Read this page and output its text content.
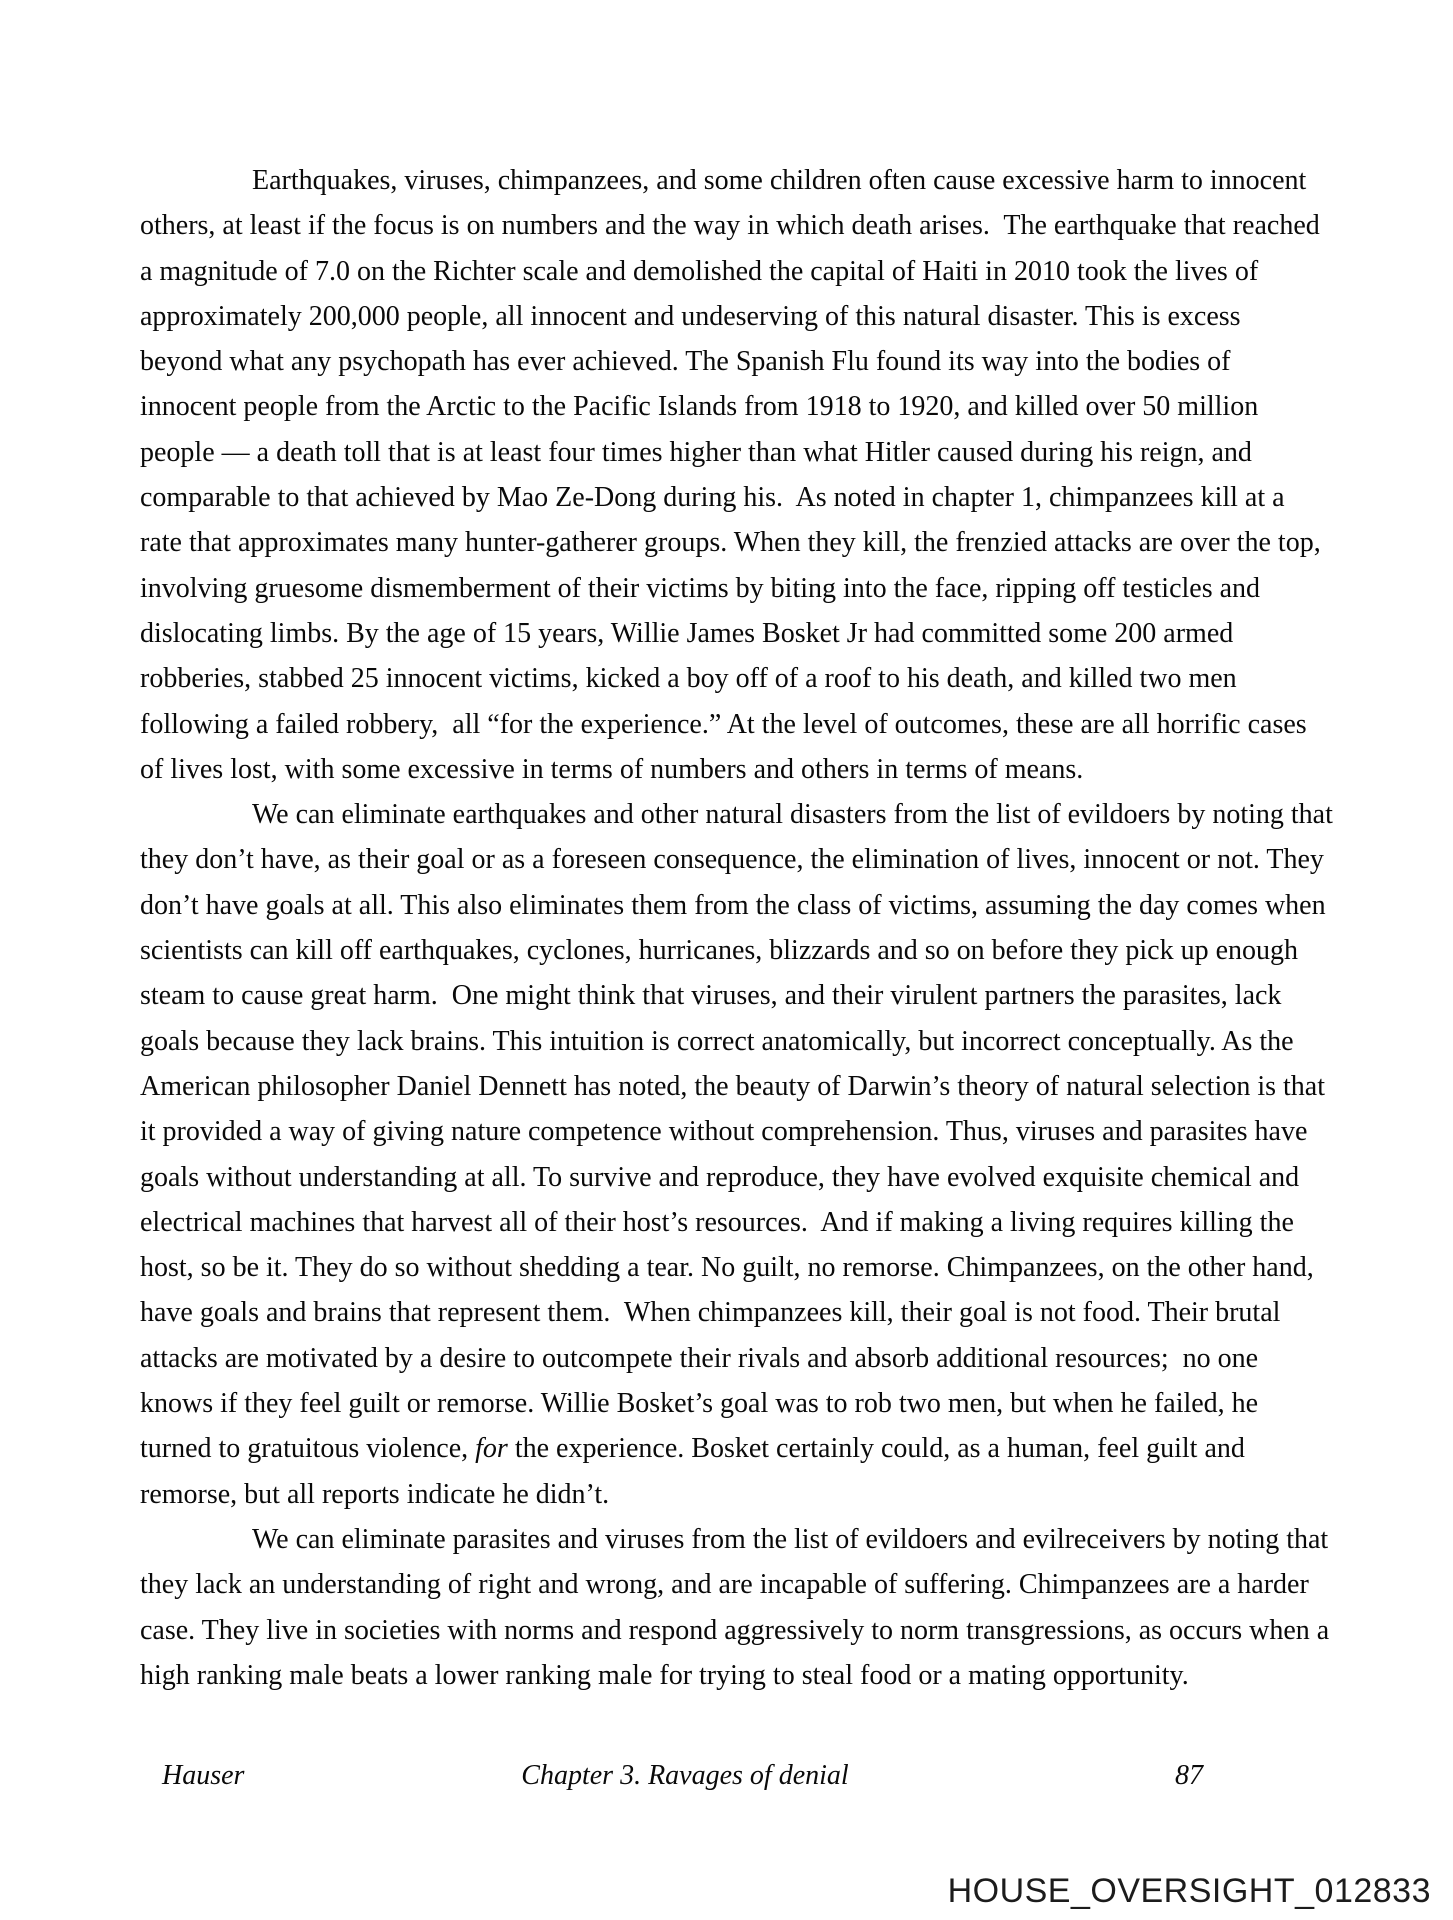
Earthquakes, viruses, chimpanzees, and some children often cause excessive harm to innocent
others, at least if the focus is on numbers and the way in which death arises.  The earthquake that reached
a magnitude of 7.0 on the Richter scale and demolished the capital of Haiti in 2010 took the lives of
approximately 200,000 people, all innocent and undeserving of this natural disaster. This is excess
beyond what any psychopath has ever achieved. The Spanish Flu found its way into the bodies of
innocent people from the Arctic to the Pacific Islands from 1918 to 1920, and killed over 50 million
people — a death toll that is at least four times higher than what Hitler caused during his reign, and
comparable to that achieved by Mao Ze-Dong during his.  As noted in chapter 1, chimpanzees kill at a
rate that approximates many hunter-gatherer groups. When they kill, the frenzied attacks are over the top,
involving gruesome dismemberment of their victims by biting into the face, ripping off testicles and
dislocating limbs. By the age of 15 years, Willie James Bosket Jr had committed some 200 armed
robberies, stabbed 25 innocent victims, kicked a boy off of a roof to his death, and killed two men
following a failed robbery,  all “for the experience.” At the level of outcomes, these are all horrific cases
of lives lost, with some excessive in terms of numbers and others in terms of means.
We can eliminate earthquakes and other natural disasters from the list of evildoers by noting that
they don’t have, as their goal or as a foreseen consequence, the elimination of lives, innocent or not. They
don’t have goals at all. This also eliminates them from the class of victims, assuming the day comes when
scientists can kill off earthquakes, cyclones, hurricanes, blizzards and so on before they pick up enough
steam to cause great harm.  One might think that viruses, and their virulent partners the parasites, lack
goals because they lack brains. This intuition is correct anatomically, but incorrect conceptually. As the
American philosopher Daniel Dennett has noted, the beauty of Darwin’s theory of natural selection is that
it provided a way of giving nature competence without comprehension. Thus, viruses and parasites have
goals without understanding at all. To survive and reproduce, they have evolved exquisite chemical and
electrical machines that harvest all of their host’s resources.  And if making a living requires killing the
host, so be it. They do so without shedding a tear. No guilt, no remorse. Chimpanzees, on the other hand,
have goals and brains that represent them.  When chimpanzees kill, their goal is not food. Their brutal
attacks are motivated by a desire to outcompete their rivals and absorb additional resources;  no one
knows if they feel guilt or remorse. Willie Bosket’s goal was to rob two men, but when he failed, he
turned to gratuitous violence, for the experience. Bosket certainly could, as a human, feel guilt and
remorse, but all reports indicate he didn’t.
We can eliminate parasites and viruses from the list of evildoers and evilreceivers by noting that
they lack an understanding of right and wrong, and are incapable of suffering. Chimpanzees are a harder
case. They live in societies with norms and respond aggressively to norm transgressions, as occurs when a
high ranking male beats a lower ranking male for trying to steal food or a mating opportunity.
Hauser	Chapter 3. Ravages of denial	87
HOUSE_OVERSIGHT_012833
